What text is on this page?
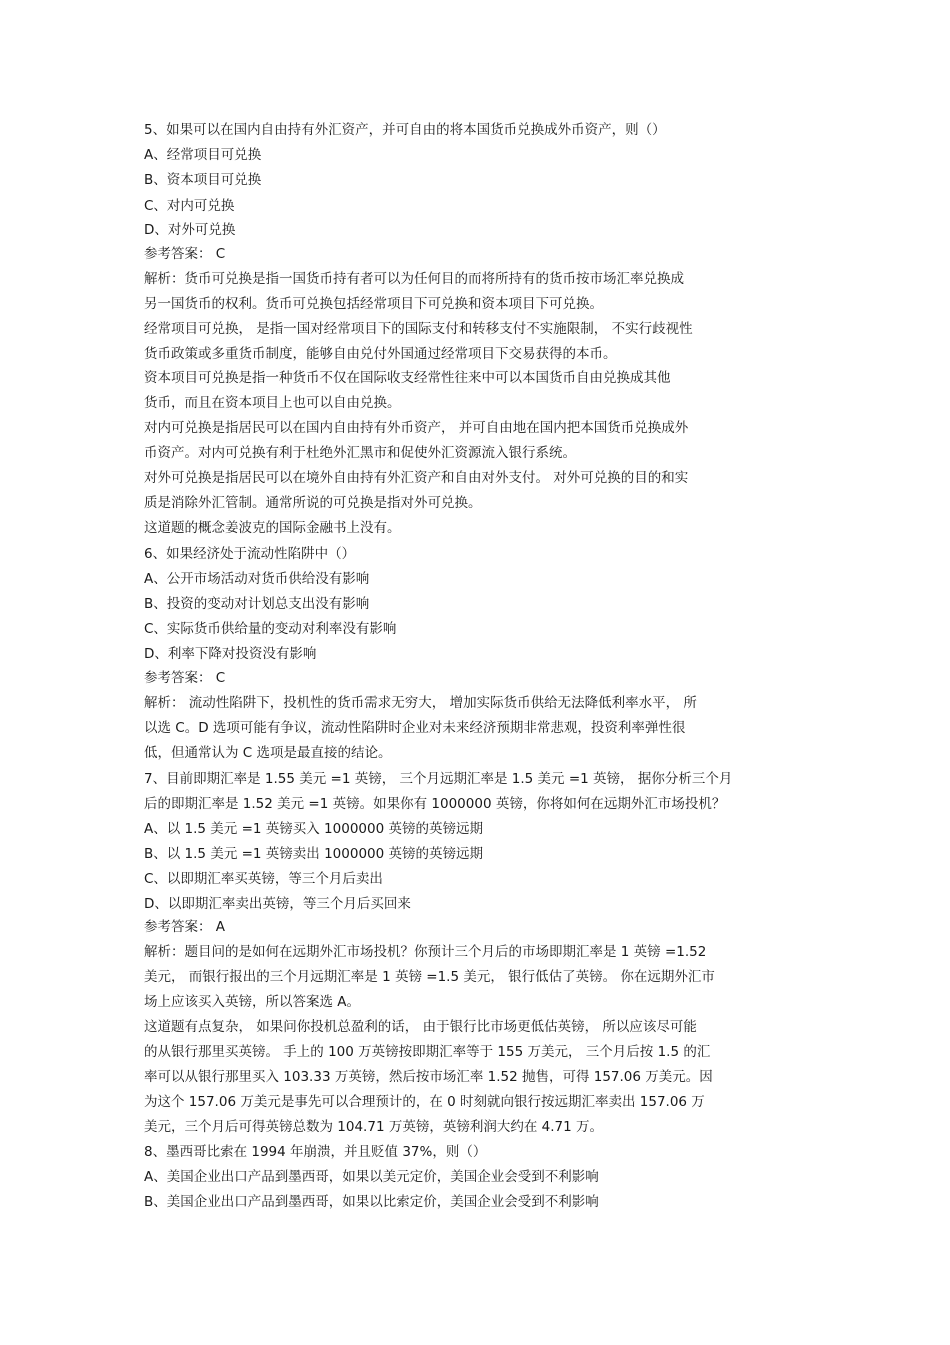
5、如果可以在国内自由持有外汇资产，并可自由的将本国货币兑换成外币资产，则（）

A、经常项目可兑换

B、资本项目可兑换

C、对内可兑换

D、对外可兑换

参考答案： C

解析：货币可兑换是指一国货币持有者可以为任何目的而将所持有的货币按市场汇率兑换成

另一国货币的权利。货币可兑换包括经常项目下可兑换和资本项目下可兑换。

经常项目可兑换， 是指一国对经常项目下的国际支付和转移支付不实施限制， 不实行歧视性

货币政策或多重货币制度，能够自由兑付外国通过经常项目下交易获得的本币。

资本项目可兑换是指一种货币不仅在国际收支经常性往来中可以本国货币自由兑换成其他

货币，而且在资本项目上也可以自由兑换。

对内可兑换是指居民可以在国内自由持有外币资产， 并可自由地在国内把本国货币兑换成外

币资产。对内可兑换有利于杜绝外汇黑市和促使外汇资源流入银行系统。

对外可兑换是指居民可以在境外自由持有外汇资产和自由对外支付。 对外可兑换的目的和实

质是消除外汇管制。通常所说的可兑换是指对外可兑换。

这道题的概念姜波克的国际金融书上没有。

6、如果经济处于流动性陷阱中（）

A、公开市场活动对货币供给没有影响

B、投资的变动对计划总支出没有影响

C、实际货币供给量的变动对利率没有影响

D、利率下降对投资没有影响

参考答案： C

解析： 流动性陷阱下，投机性的货币需求无穷大， 增加实际货币供给无法降低利率水平， 所

以选 C。D 选项可能有争议，流动性陷阱时企业对未来经济预期非常悲观，投资利率弹性很

低，但通常认为 C 选项是最直接的结论。

7、目前即期汇率是 1.55 美元 =1 英镑， 三个月远期汇率是 1.5 美元 =1 英镑， 据你分析三个月

后的即期汇率是 1.52 美元 =1 英镑。如果你有 1000000 英镑，你将如何在远期外汇市场投机？

A、以 1.5 美元 =1 英镑买入 1000000 英镑的英镑远期

B、以 1.5 美元 =1 英镑卖出 1000000 英镑的英镑远期

C、以即期汇率买英镑，等三个月后卖出

D、以即期汇率卖出英镑，等三个月后买回来

参考答案： A

解析：题目问的是如何在远期外汇市场投机？你预计三个月后的市场即期汇率是 1 英镑 =1.52

美元， 而银行报出的三个月远期汇率是 1 英镑 =1.5 美元， 银行低估了英镑。 你在远期外汇市

场上应该买入英镑，所以答案选 A。

这道题有点复杂， 如果问你投机总盈利的话， 由于银行比市场更低估英镑， 所以应该尽可能

的从银行那里买英镑。 手上的 100 万英镑按即期汇率等于 155 万美元， 三个月后按 1.5 的汇

率可以从银行那里买入 103.33 万英镑，然后按市场汇率 1.52 抛售，可得 157.06 万美元。因

为这个 157.06 万美元是事先可以合理预计的，在 0 时刻就向银行按远期汇率卖出 157.06 万

美元，三个月后可得英镑总数为 104.71 万英镑，英镑利润大约在 4.71 万。

8、墨西哥比索在 1994 年崩溃，并且贬值 37%，则（）

A、美国企业出口产品到墨西哥，如果以美元定价，美国企业会受到不利影响

B、美国企业出口产品到墨西哥，如果以比索定价，美国企业会受到不利影响
